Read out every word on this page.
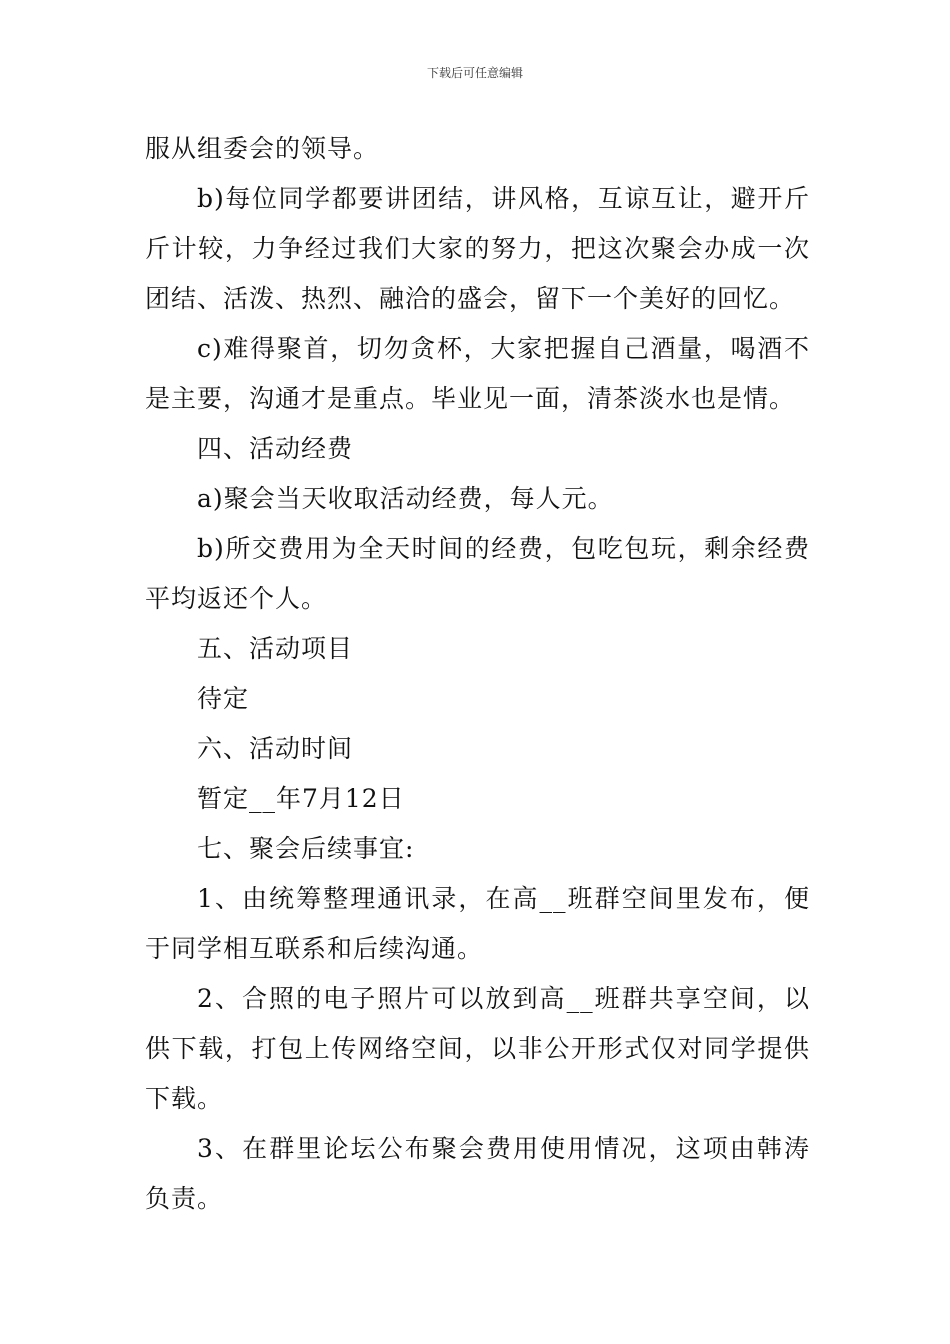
下载后可任意编辑

服从组委会的领导。

b)每位同学都要讲团结，讲风格，互谅互让，避开斤斤计较，力争经过我们大家的努力，把这次聚会办成一次团结、活泼、热烈、融洽的盛会，留下一个美好的回忆。

c)难得聚首，切勿贪杯，大家把握自己酒量，喝酒不是主要，沟通才是重点。毕业见一面，清茶淡水也是情。

四、活动经费

a)聚会当天收取活动经费，每人元。

b)所交费用为全天时间的经费，包吃包玩，剩余经费平均返还个人。

五、活动项目

待定

六、活动时间

暂定__年7月12日

七、聚会后续事宜:

1、由统筹整理通讯录，在高__班群空间里发布，便于同学相互联系和后续沟通。

2、合照的电子照片可以放到高__班群共享空间，以供下载，打包上传网络空间，以非公开形式仅对同学提供下载。

3、在群里论坛公布聚会费用使用情况，这项由韩涛负责。
